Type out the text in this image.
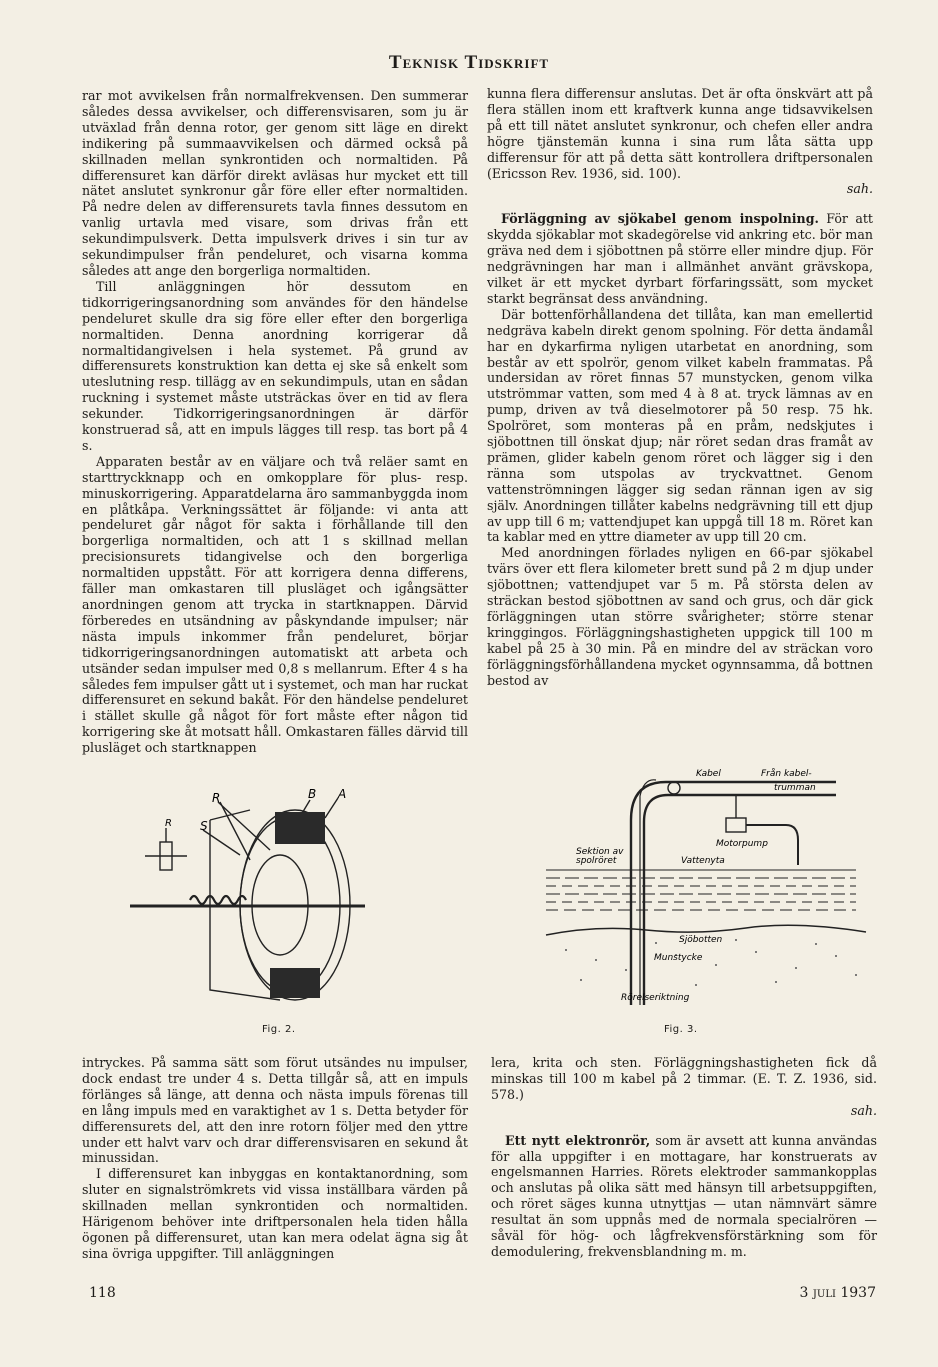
Teknisk Tidskrift

rar mot avvikelsen från normalfrekvensen. Den summerar således dessa avvikelser, och differensvisaren, som ju är utväxlad från denna rotor, ger genom sitt läge en direkt indikering på summaavvikelsen och därmed också på skillnaden mellan synkrontiden och normaltiden. På differensuret kan därför direkt avläsas hur mycket ett till nätet anslutet synkronur går före eller efter normaltiden. På nedre delen av differensurets tavla finnes dessutom en vanlig urtavla med visare, som drivas från ett sekundimpulsverk. Detta impulsverk drives i sin tur av sekundimpulser från pendeluret, och visarna komma således att ange den borgerliga normaltiden.

Till anläggningen hör dessutom en tidkorrigeringsanordning som användes för den händelse pendeluret skulle dra sig före eller efter den borgerliga normaltiden. Denna anordning korrigerar då normaltidangivelsen i hela systemet. På grund av differensurets konstruktion kan detta ej ske så enkelt som uteslutning resp. tillägg av en sekundimpuls, utan en sådan ruckning i systemet måste utsträckas över en tid av flera sekunder. Tidkorrigeringsanordningen är därför konstruerad så, att en impuls lägges till resp. tas bort på 4 s.

Apparaten består av en väljare och två reläer samt en starttryckknapp och en omkopplare för plus- resp. minuskorrigering. Apparatdelarna äro sammanbyggda inom en plåtkåpa. Verkningssättet är följande: vi anta att pendeluret går något för sakta i förhållande till den borgerliga normaltiden, och att 1 s skillnad mellan precisionsurets tidangivelse och den borgerliga normaltiden uppstått. För att korrigera denna differens, fäller man omkastaren till plusläget och igångsätter anordningen genom att trycka in startknappen. Därvid förberedes en utsändning av påskyndande impulser; när nästa impuls inkommer från pendeluret, börjar tidkorrigeringsanordningen automatiskt att arbeta och utsänder sedan impulser med 0,8 s mellanrum. Efter 4 s ha således fem impulser gått ut i systemet, och man har ruckat differensuret en sekund bakåt. För den händelse pendeluret i stället skulle gå något för fort måste efter någon tid korrigering ske åt motsatt håll. Omkastaren fälles därvid till plusläget och startknappen

kunna flera differensur anslutas. Det är ofta önskvärt att på flera ställen inom ett kraftverk kunna ange tidsavvikelsen på ett till nätet anslutet synkronur, och chefen eller andra högre tjänstemän kunna i sina rum låta sätta upp differensur för att på detta sätt kontrollera driftpersonalen (Ericsson Rev. 1936, sid. 100).

sah.

Förläggning av sjökabel genom inspolning. För att skydda sjökablar mot skadegörelse vid ankring etc. bör man gräva ned dem i sjöbottnen på större eller mindre djup. För nedgrävningen har man i allmänhet använt grävskopa, vilket är ett mycket dyrbart förfaringssätt, som mycket starkt begränsat dess användning.

Där bottenförhållandena det tillåta, kan man emellertid nedgräva kabeln direkt genom spolning. För detta ändamål har en dykarfirma nyligen utarbetat en anordning, som består av ett spolrör, genom vilket kabeln frammatas. På undersidan av röret finnas 57 munstycken, genom vilka utströmmar vatten, som med 4 à 8 at. tryck lämnas av en pump, driven av två dieselmotorer på 50 resp. 75 hk. Spolröret, som monteras på en pråm, nedskjutes i sjöbottnen till önskat djup; när röret sedan dras framåt av prämen, glider kabeln genom röret och lägger sig i den ränna som utspolas av tryckvattnet. Genom vattenströmningen lägger sig sedan rännan igen av sig själv. Anordningen tillåter kabelns nedgrävning till ett djup av upp till 6 m; vattendjupet kan uppgå till 18 m. Röret kan ta kablar med en yttre diameter av upp till 20 cm.

Med anordningen förlades nyligen en 66-par sjökabel tvärs över ett flera kilometer brett sund på 2 m djup under sjöbottnen; vattendjupet var 5 m. På största delen av sträckan bestod sjöbottnen av sand och grus, och där gick förläggningen utan större svårigheter; större stenar kringgingos. Förläggningshastigheten uppgick till 100 m kabel på 25 à 30 min. På en mindre del av sträckan voro förläggningsförhållandena mycket ogynnsamma, då bottnen bestod av

R	B A
R S
Fig. 2.
Kabel	Från kabel-
trumman
Motorpump
Sektion av
spolröret	Vattenyta
Sjöbotten
Munstycke
Rörelseriktning
Fig. 3.

intryckes. På samma sätt som förut utsändes nu impulser, dock endast tre under 4 s. Detta tillgår så, att en impuls förlänges så länge, att denna och nästa impuls förenas till en lång impuls med en varaktighet av 1 s. Detta betyder för differensurets del, att den inre rotorn följer med den yttre under ett halvt varv och drar differensvisaren en sekund åt minussidan.

I differensuret kan inbyggas en kontaktanordning, som sluter en signalströmkrets vid vissa inställbara värden på skillnaden mellan synkrontiden och normaltiden. Härigenom behöver inte driftpersonalen hela tiden hålla ögonen på differensuret, utan kan mera odelat ägna sig åt sina övriga uppgifter. Till anläggningen

lera, krita och sten. Förläggningshastigheten fick då minskas till 100 m kabel på 2 timmar. (E. T. Z. 1936, sid. 578.)

sah.

Ett nytt elektronrör, som är avsett att kunna användas för alla uppgifter i en mottagare, har konstruerats av engelsmannen Harries. Rörets elektroder sammankopplas och anslutas på olika sätt med hänsyn till arbetsuppgiften, och röret säges kunna utnyttjas — utan nämnvärt sämre resultat än som uppnås med de normala specialrören — såväl för hög- och lågfrekvensförstärkning som för demodulering, frekvensblandning m. m.

118	3 juli 1937
